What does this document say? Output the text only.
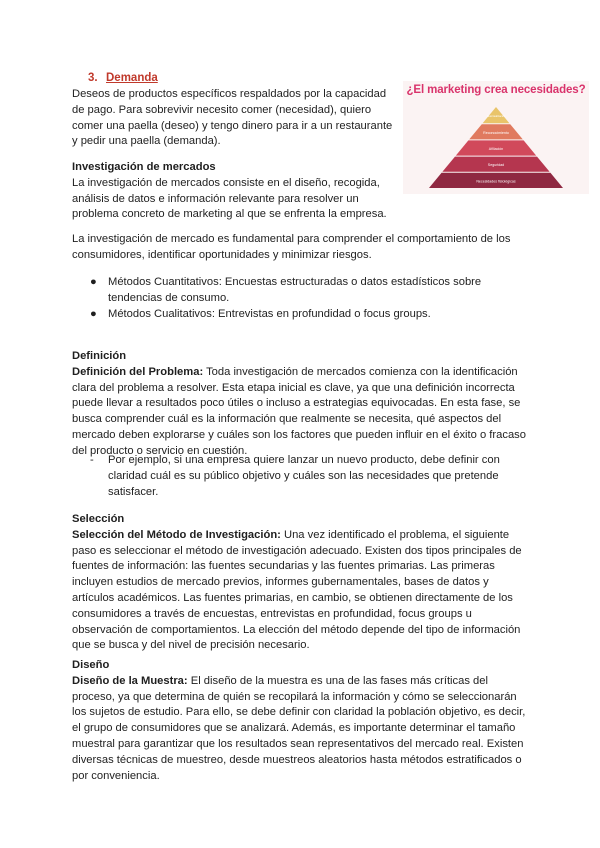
3. Demanda
Deseos de productos específicos respaldados por la capacidad de pago. Para sobrevivir necesito comer (necesidad), quiero comer una paella (deseo) y tengo dinero para ir a un restaurante y pedir una paella (demanda).
¿El marketing crea necesidades?
Autorrealización
Reconocimiento
Afiliación
Seguridad
Necesidades fisiológicas
Investigación de mercados
La investigación de mercados consiste en el diseño, recogida, análisis de datos e información relevante para resolver un problema concreto de marketing al que se enfrenta la empresa.
La investigación de mercado es fundamental para comprender el comportamiento de los consumidores, identificar oportunidades y minimizar riesgos.
● Métodos Cuantitativos: Encuestas estructuradas o datos estadísticos sobre tendencias de consumo.
● Métodos Cualitativos: Entrevistas en profundidad o focus groups.
Definición
Definición del Problema: Toda investigación de mercados comienza con la identificación clara del problema a resolver. Esta etapa inicial es clave, ya que una definición incorrecta puede llevar a resultados poco útiles o incluso a estrategias equivocadas. En esta fase, se busca comprender cuál es la información que realmente se necesita, qué aspectos del mercado deben explorarse y cuáles son los factores que pueden influir en el éxito o fracaso del producto o servicio en cuestión.
- Por ejemplo, si una empresa quiere lanzar un nuevo producto, debe definir con claridad cuál es su público objetivo y cuáles son las necesidades que pretende satisfacer.
Selección
Selección del Método de Investigación: Una vez identificado el problema, el siguiente paso es seleccionar el método de investigación adecuado. Existen dos tipos principales de fuentes de información: las fuentes secundarias y las fuentes primarias. Las primeras incluyen estudios de mercado previos, informes gubernamentales, bases de datos y artículos académicos. Las fuentes primarias, en cambio, se obtienen directamente de los consumidores a través de encuestas, entrevistas en profundidad, focus groups u observación de comportamientos. La elección del método depende del tipo de información que se busca y del nivel de precisión necesario.
Diseño
Diseño de la Muestra: El diseño de la muestra es una de las fases más críticas del proceso, ya que determina de quién se recopilará la información y cómo se seleccionarán los sujetos de estudio. Para ello, se debe definir con claridad la población objetivo, es decir, el grupo de consumidores que se analizará. Además, es importante determinar el tamaño muestral para garantizar que los resultados sean representativos del mercado real. Existen diversas técnicas de muestreo, desde muestreos aleatorios hasta métodos estratificados o por conveniencia.
